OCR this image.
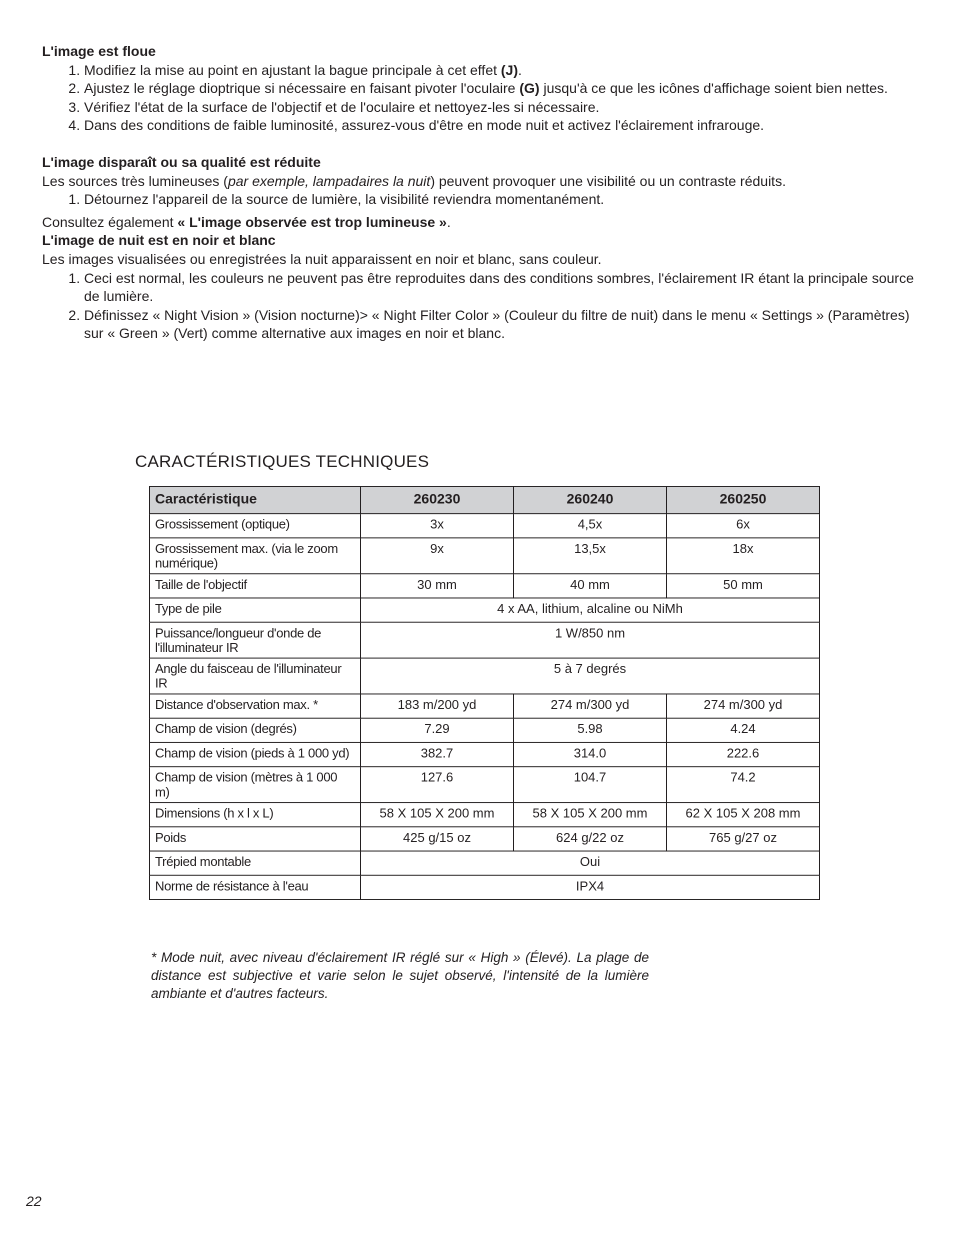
L'image est floue

1. Modifiez la mise au point en ajustant la bague principale à cet effet (J).
2. Ajustez le réglage dioptrique si nécessaire en faisant pivoter l'oculaire (G) jusqu'à ce que les icônes d'affichage soient bien nettes.
3. Vérifiez l'état de la surface de l'objectif et de l'oculaire et nettoyez-les si nécessaire.
4. Dans des conditions de faible luminosité, assurez-vous d'être en mode nuit et activez l'éclairement infrarouge.

L'image disparaît ou sa qualité est réduite

Les sources très lumineuses (par exemple, lampadaires la nuit) peuvent provoquer une visibilité ou un contraste réduits.

1. Détournez l'appareil de la source de lumière, la visibilité reviendra momentanément.

Consultez également « L'image observée est trop lumineuse ».

L'image de nuit est en noir et blanc

Les images visualisées ou enregistrées la nuit apparaissent en noir et blanc, sans couleur.

1. Ceci est normal, les couleurs ne peuvent pas être reproduites dans des conditions sombres, l'éclairement IR étant la principale source de lumière.
2. Définissez « Night Vision » (Vision nocturne)> « Night Filter Color » (Couleur du filtre de nuit) dans le menu « Settings » (Paramètres) sur « Green » (Vert) comme alternative aux images en noir et blanc.
CARACTÉRISTIQUES TECHNIQUES
Caractéristique	260230	260240	260250
Grossissement (optique)	3x	4,5x	6x
Grossissement max. (via le zoom numérique)	9x	13,5x	18x
Taille de l'objectif	30 mm	40 mm	50 mm
Type de pile	4 x AA, lithium, alcaline ou NiMh		
Puissance/longueur d'onde de l'illuminateur IR	1 W/850 nm		
Angle du faisceau de l'illuminateur IR	5 à 7 degrés		
Distance d'observation max. *	183 m/200 yd	274 m/300 yd	274 m/300 yd
Champ de vision (degrés)	7.29	5.98	4.24
Champ de vision (pieds à 1 000 yd)	382.7	314.0	222.6
Champ de vision (mètres à 1 000 m)	127.6	104.7	74.2
Dimensions (h x l x L)	58 X 105 X 200 mm	58 X 105 X 200 mm	62 X 105 X 208 mm
Poids	425 g/15 oz	624 g/22 oz	765 g/27 oz
Trépied montable	Oui		
Norme de résistance à l'eau	IPX4		

* Mode nuit, avec niveau d'éclairement IR réglé sur « High » (Élevé). La plage de distance est subjective et varie selon le sujet observé, l'intensité de la lumière ambiante et d'autres facteurs.

22
